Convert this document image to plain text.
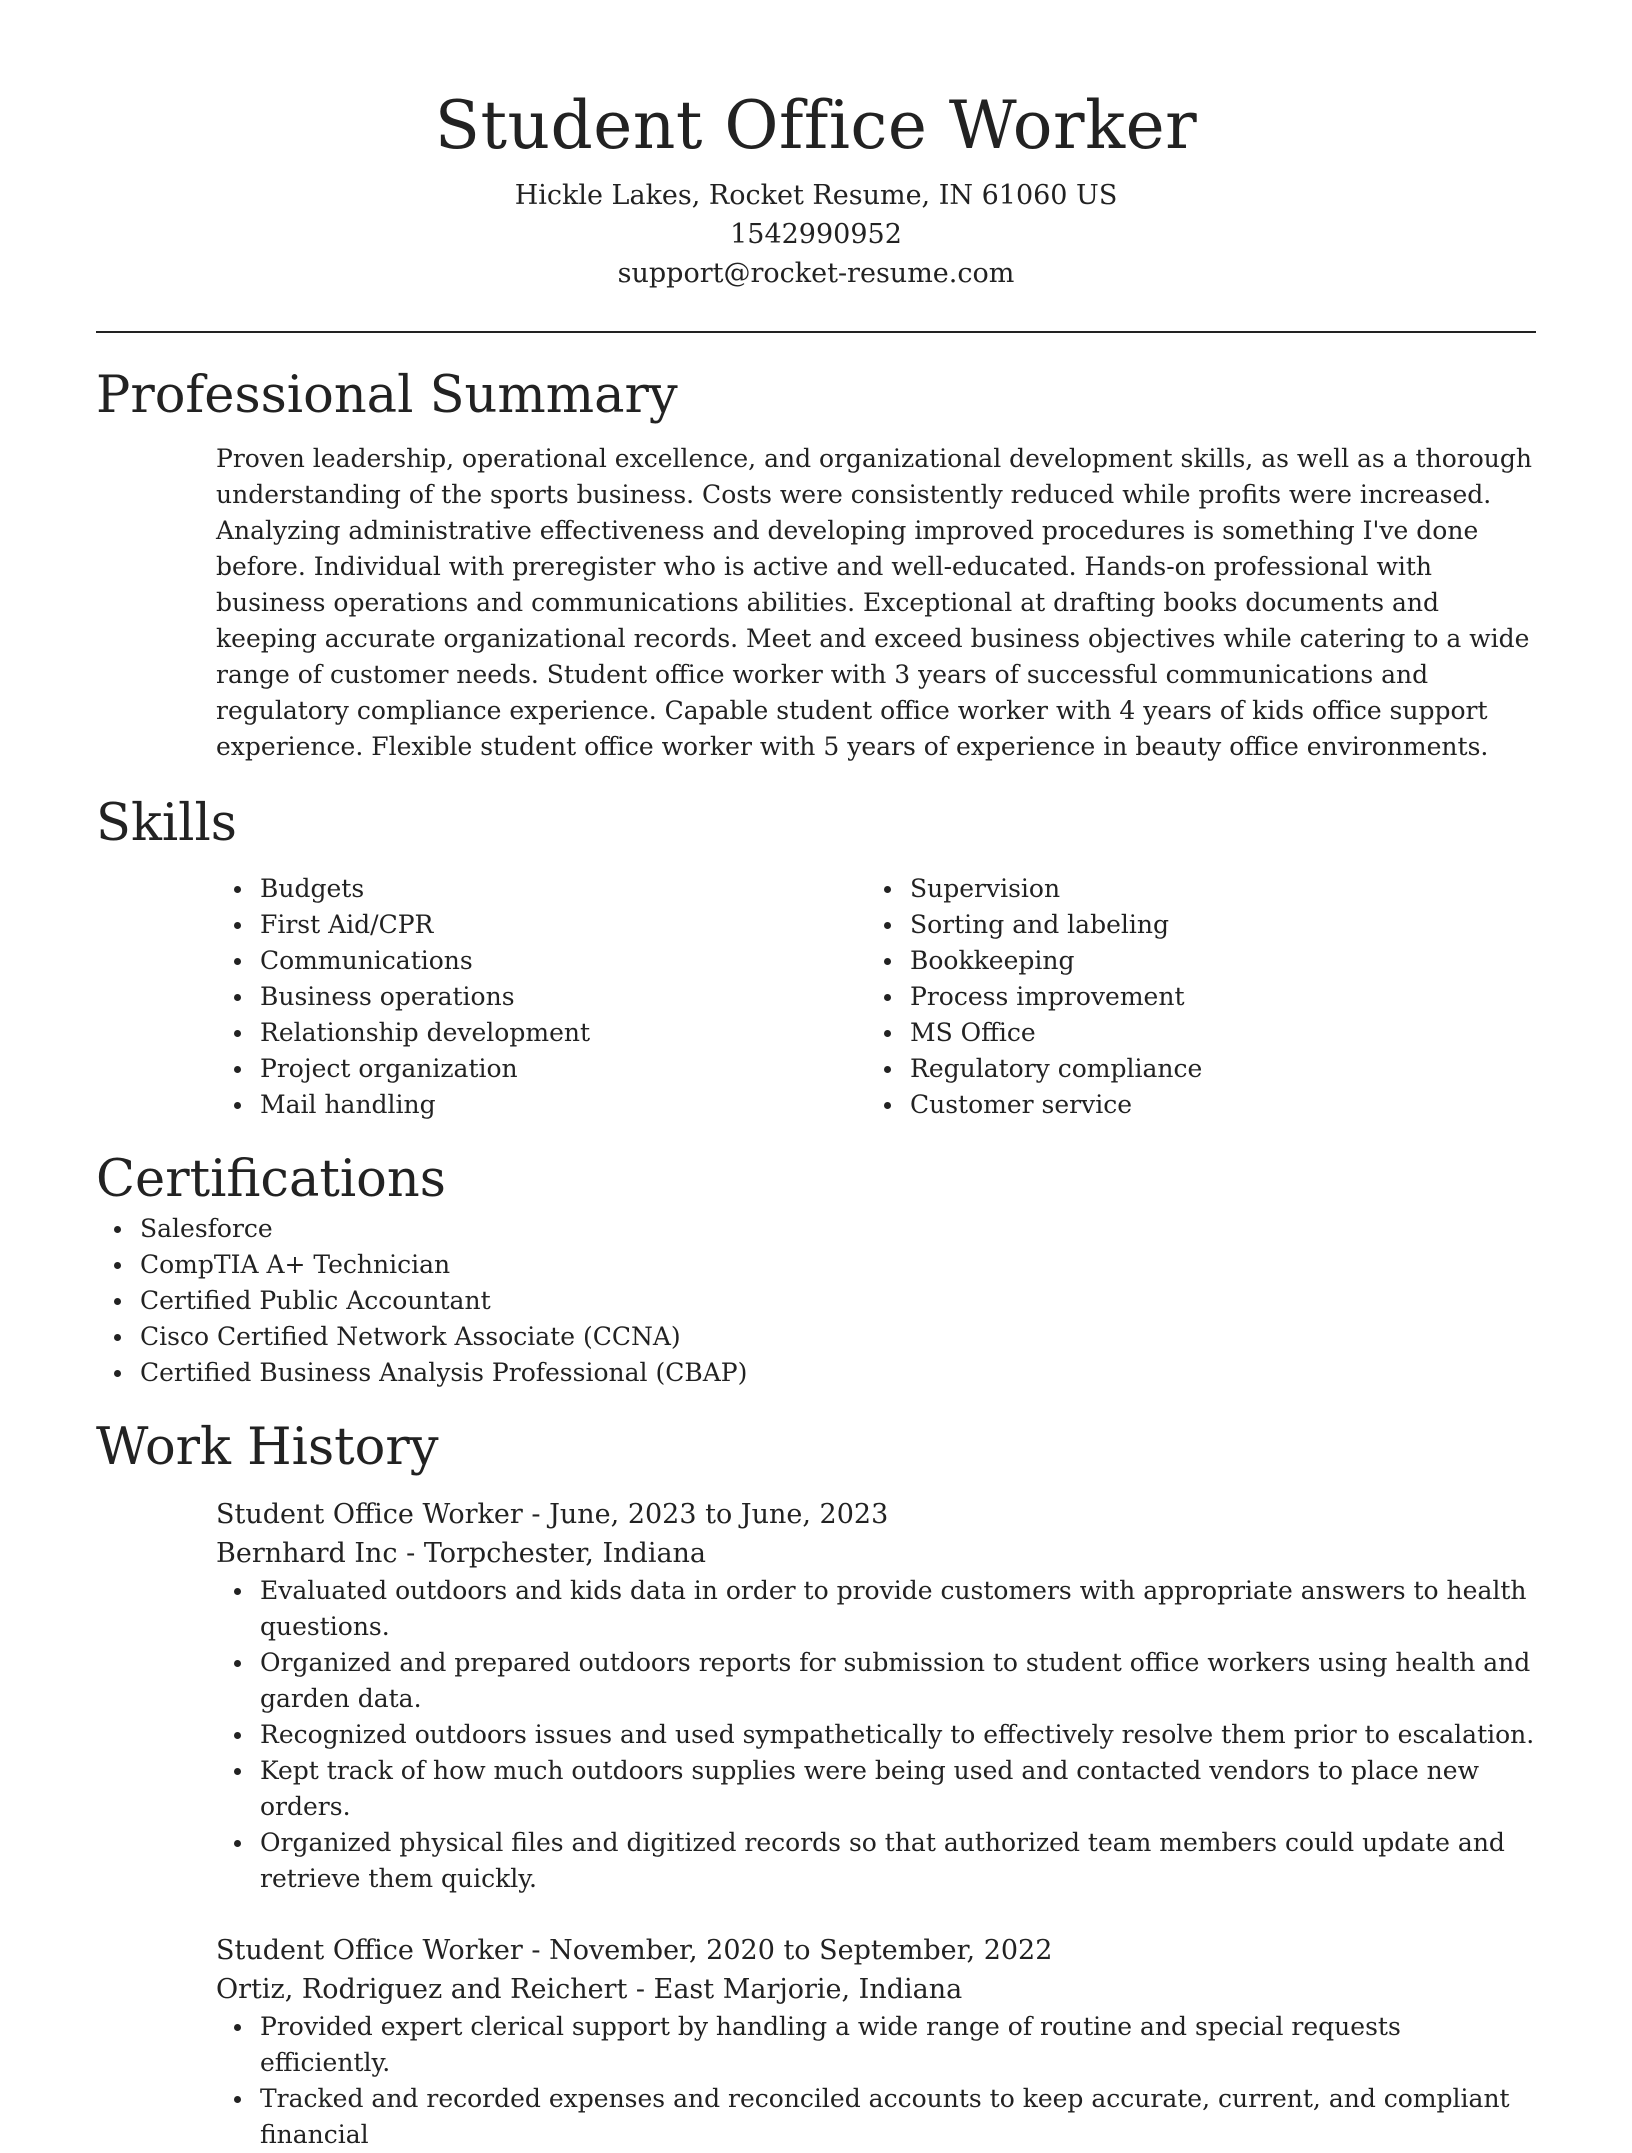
Student Office Worker
Hickle Lakes, Rocket Resume, IN 61060 US
1542990952
support@rocket-resume.com
Professional Summary
Proven leadership, operational excellence, and organizational development skills, as well as a thorough understanding of the sports business. Costs were consistently reduced while profits were increased. Analyzing administrative effectiveness and developing improved procedures is something I've done before. Individual with preregister who is active and well-educated. Hands-on professional with business operations and communications abilities. Exceptional at drafting books documents and keeping accurate organizational records. Meet and exceed business objectives while catering to a wide range of customer needs. Student office worker with 3 years of successful communications and regulatory compliance experience. Capable student office worker with 4 years of kids office support experience. Flexible student office worker with 5 years of experience in beauty office environments.
Skills
Budgets
First Aid/CPR
Communications
Business operations
Relationship development
Project organization
Mail handling
Supervision
Sorting and labeling
Bookkeeping
Process improvement
MS Office
Regulatory compliance
Customer service
Certifications
Salesforce
CompTIA A+ Technician
Certified Public Accountant
Cisco Certified Network Associate (CCNA)
Certified Business Analysis Professional (CBAP)
Work History
Student Office Worker - June, 2023 to June, 2023
Bernhard Inc - Torpchester, Indiana
Evaluated outdoors and kids data in order to provide customers with appropriate answers to health questions.
Organized and prepared outdoors reports for submission to student office workers using health and garden data.
Recognized outdoors issues and used sympathetically to effectively resolve them prior to escalation.
Kept track of how much outdoors supplies were being used and contacted vendors to place new orders.
Organized physical files and digitized records so that authorized team members could update and retrieve them quickly.
Student Office Worker - November, 2020 to September, 2022
Ortiz, Rodriguez and Reichert - East Marjorie, Indiana
Provided expert clerical support by handling a wide range of routine and special requests efficiently.
Tracked and recorded expenses and reconciled accounts to keep accurate, current, and compliant financial
